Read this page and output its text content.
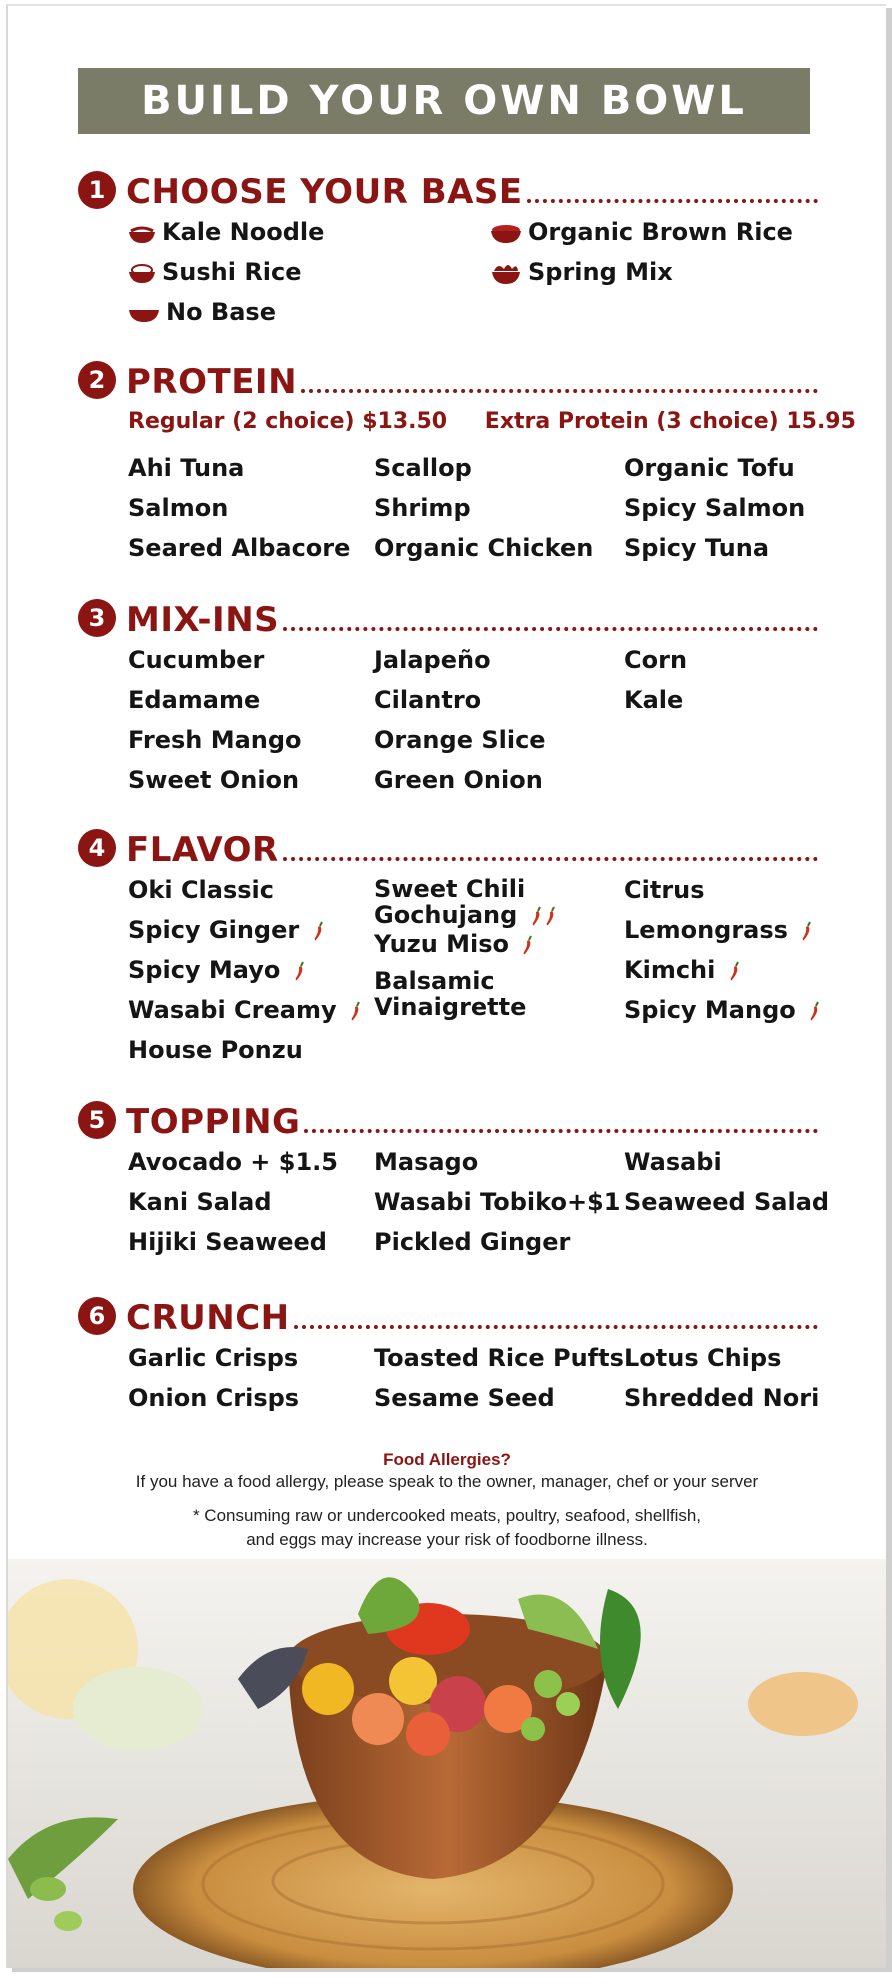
BUILD YOUR OWN BOWL
1 CHOOSE YOUR BASE
Kale Noodle
Sushi Rice
No Base
Organic Brown Rice
Spring Mix
2 PROTEIN
Regular (2 choice) $13.50 Extra Protein (3 choice) 15.95
Ahi Tuna
Salmon
Seared Albacore
Scallop
Shrimp
Organic Chicken
Organic Tofu
Spicy Salmon
Spicy Tuna
3 MIX-INS
Cucumber
Edamame
Fresh Mango
Sweet Onion
Jalapeño
Cilantro
Orange Slice
Green Onion
Corn
Kale
4 FLAVOR
Oki Classic
Spicy Ginger
Spicy Mayo
Wasabi Creamy
House Ponzu
Sweet Chili Gochujang
Yuzu Miso
Balsamic Vinaigrette
Citrus
Lemongrass
Kimchi
Spicy Mango
5 TOPPING
Avocado + $1.5
Kani Salad
Hijiki Seaweed
Masago
Wasabi Tobiko+$1
Pickled Ginger
Wasabi
Seaweed Salad
6 CRUNCH
Garlic Crisps
Onion Crisps
Toasted Rice Pufts
Sesame Seed
Lotus Chips
Shredded Nori
Food Allergies?
If you have a food allergy, please speak to the owner, manager, chef or your server
* Consuming raw or undercooked meats, poultry, seafood, shellfish,
and eggs may increase your risk of foodborne illness.
